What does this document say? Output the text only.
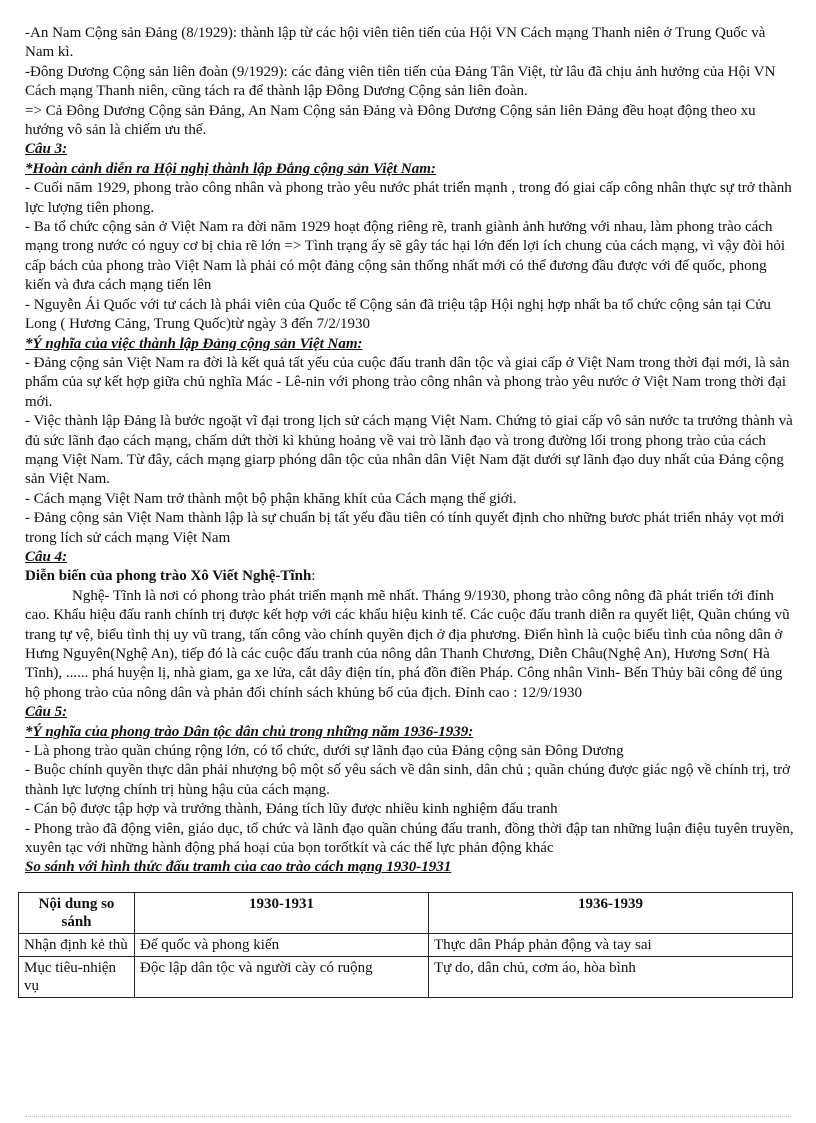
-An Nam Cộng sản Đảng (8/1929): thành lập từ các hội viên tiên tiến của Hội VN Cách mạng Thanh niên ở Trung Quốc và Nam kì.

-Đông Dương Cộng sản liên đoàn (9/1929): các đảng viên tiên tiến của Đảng Tân Việt, từ lâu đã chịu ảnh hưởng của Hội VN Cách mạng Thanh niên, cũng tách ra để thành lập Đông Dương Cộng sản liên đoàn.

=> Cả Đông Dương Cộng sản Đảng, An Nam Cộng sản Đảng và Đông Dương Cộng sản liên Đảng đều hoạt động theo xu hướng vô sản là chiếm ưu thế.

Câu 3:

*Hoàn cảnh diễn ra Hội nghị thành lập Đẳng cộng sản Việt Nam:

- Cuối năm 1929, phong trào công nhân và phong trào yêu nước phát triển mạnh , trong đó giai cấp công nhân thực sự trở thành lực lượng tiên phong.

- Ba tổ chức cộng sản ở Việt Nam ra đời năm 1929 hoạt động riêng rẽ, tranh giành ảnh hưởng với nhau, làm phong trào cách mạng trong nước có nguy cơ bị chia rẽ lớn => Tình trạng ấy sẽ gây tác hại lớn đến lợi ích chung của cách mạng, vì vậy đòi hỏi cấp bách của phong trào Việt Nam là phải có một đảng cộng sản thống nhất mới có thể đương đầu được với đế quốc, phong kiến và đưa cách mạng tiến lên

- Nguyễn Ái Quốc với tư cách là phái viên của Quốc tế Cộng sản đã triệu tập Hội nghị hợp nhất ba tổ chức cộng sản tại Cửu Long ( Hương Cảng, Trung Quốc)từ ngày 3 đến 7/2/1930

*Ý nghĩa của việc thành lập Đảng cộng sản Việt Nam:

- Đảng cộng sản Việt Nam ra đời là kết quả tất yếu của cuộc đấu tranh dân tộc và giai cấp ở Việt Nam trong thời đại mới, là sản phẩm của sự kết hợp giữa chủ nghĩa Mác - Lê-nin với phong trào công nhân và phong trào yêu nước ở Việt Nam trong thời đại mới.

- Việc thành lập Đảng là bước ngoặt vĩ đại trong lịch sử cách mạng Việt Nam. Chứng tỏ giai cấp vô sản nước ta trưởng thành và đủ sức lãnh đạo cách mạng, chấm dứt thời kì khủng hoảng về vai trò lãnh đạo và trong đường lối trong phong trào của cách mạng Việt Nam. Từ đây, cách mạng giarp phóng dân tộc của nhân dân Việt Nam đặt dưới sự lãnh đạo duy nhất của Đảng cộng sản Việt Nam.

- Cách mạng Việt Nam trở thành một bộ phận khăng khít của Cách mạng thế giới.

- Đảng cộng sản Việt Nam thành lập là sự chuẩn bị tất yếu đầu tiên có tính quyết định cho những bươc phát triển nhảy vọt mới trong lích sử cách mạng Việt Nam

Câu 4:

Diễn biến của phong trào Xô Viết Nghệ-Tĩnh:

Nghệ- Tĩnh là nơi có phong trào phát triển mạnh mẽ nhất. Tháng 9/1930, phong trào công nông đã phát triển tới đỉnh cao. Khẩu hiệu đấu ranh chính trị được kết hợp với các khẩu hiệu kinh tế. Các cuộc đấu tranh diễn ra quyết liệt, Quần chúng vũ trang tự vệ, biểu tình thị uy vũ trang, tấn công vào chính quyền địch ở địa phương. Điển hình là cuộc biểu tình của nông dân ở Hưng Nguyên(Nghệ An), tiếp đó là các cuộc đấu tranh của nông dân Thanh Chương, Diễn Châu(Nghệ An), Hương Sơn( Hà Tĩnh), ...... phá huyện lị, nhà giam, ga xe lửa, cắt dây điện tín, phá đồn điền Pháp. Công nhân Vinh- Bến Thủy bãi công để ủng hộ phong trào của nông dân và phản đối chính sách khủng bố của địch. Đỉnh cao : 12/9/1930

Câu 5:

*Ý nghĩa của phong trào Dân tộc dân chủ trong những năm 1936-1939:

- Là phong trào quần chúng rộng lớn, có tổ chức, dưới sự lãnh đạo của Đảng cộng sản Đông Dương

- Buộc chính quyền thực dân phải nhượng bộ một số yêu sách về dân sinh, dân chủ ; quần chúng được giác ngộ về chính trị, trở thành lực lượng chính trị hùng hậu của cách mạng.

- Cán bộ được tập hợp và trưởng thành, Đảng tích lũy được nhiều kinh nghiệm đấu tranh

- Phong trào đã động viên, giáo dục, tổ chức và lãnh đạo quần chúng đấu tranh, đồng thời đập tan những luận điệu tuyên truyền, xuyên tạc với những hành động phá hoại của bọn torốtkít và các thế lực phản động khác

So sánh với hình thức đấu tramh của cao trào cách mạng 1930-1931

Nội dung so sánh	1930-1931	1936-1939
Nhận định kẻ thù	Đế quốc và phong kiến	Thực dân Pháp phản động và tay sai
Mục tiêu-nhiện vụ	Độc lập dân tộc và người cày có ruộng	Tự do, dân chủ, cơm áo, hòa bình
